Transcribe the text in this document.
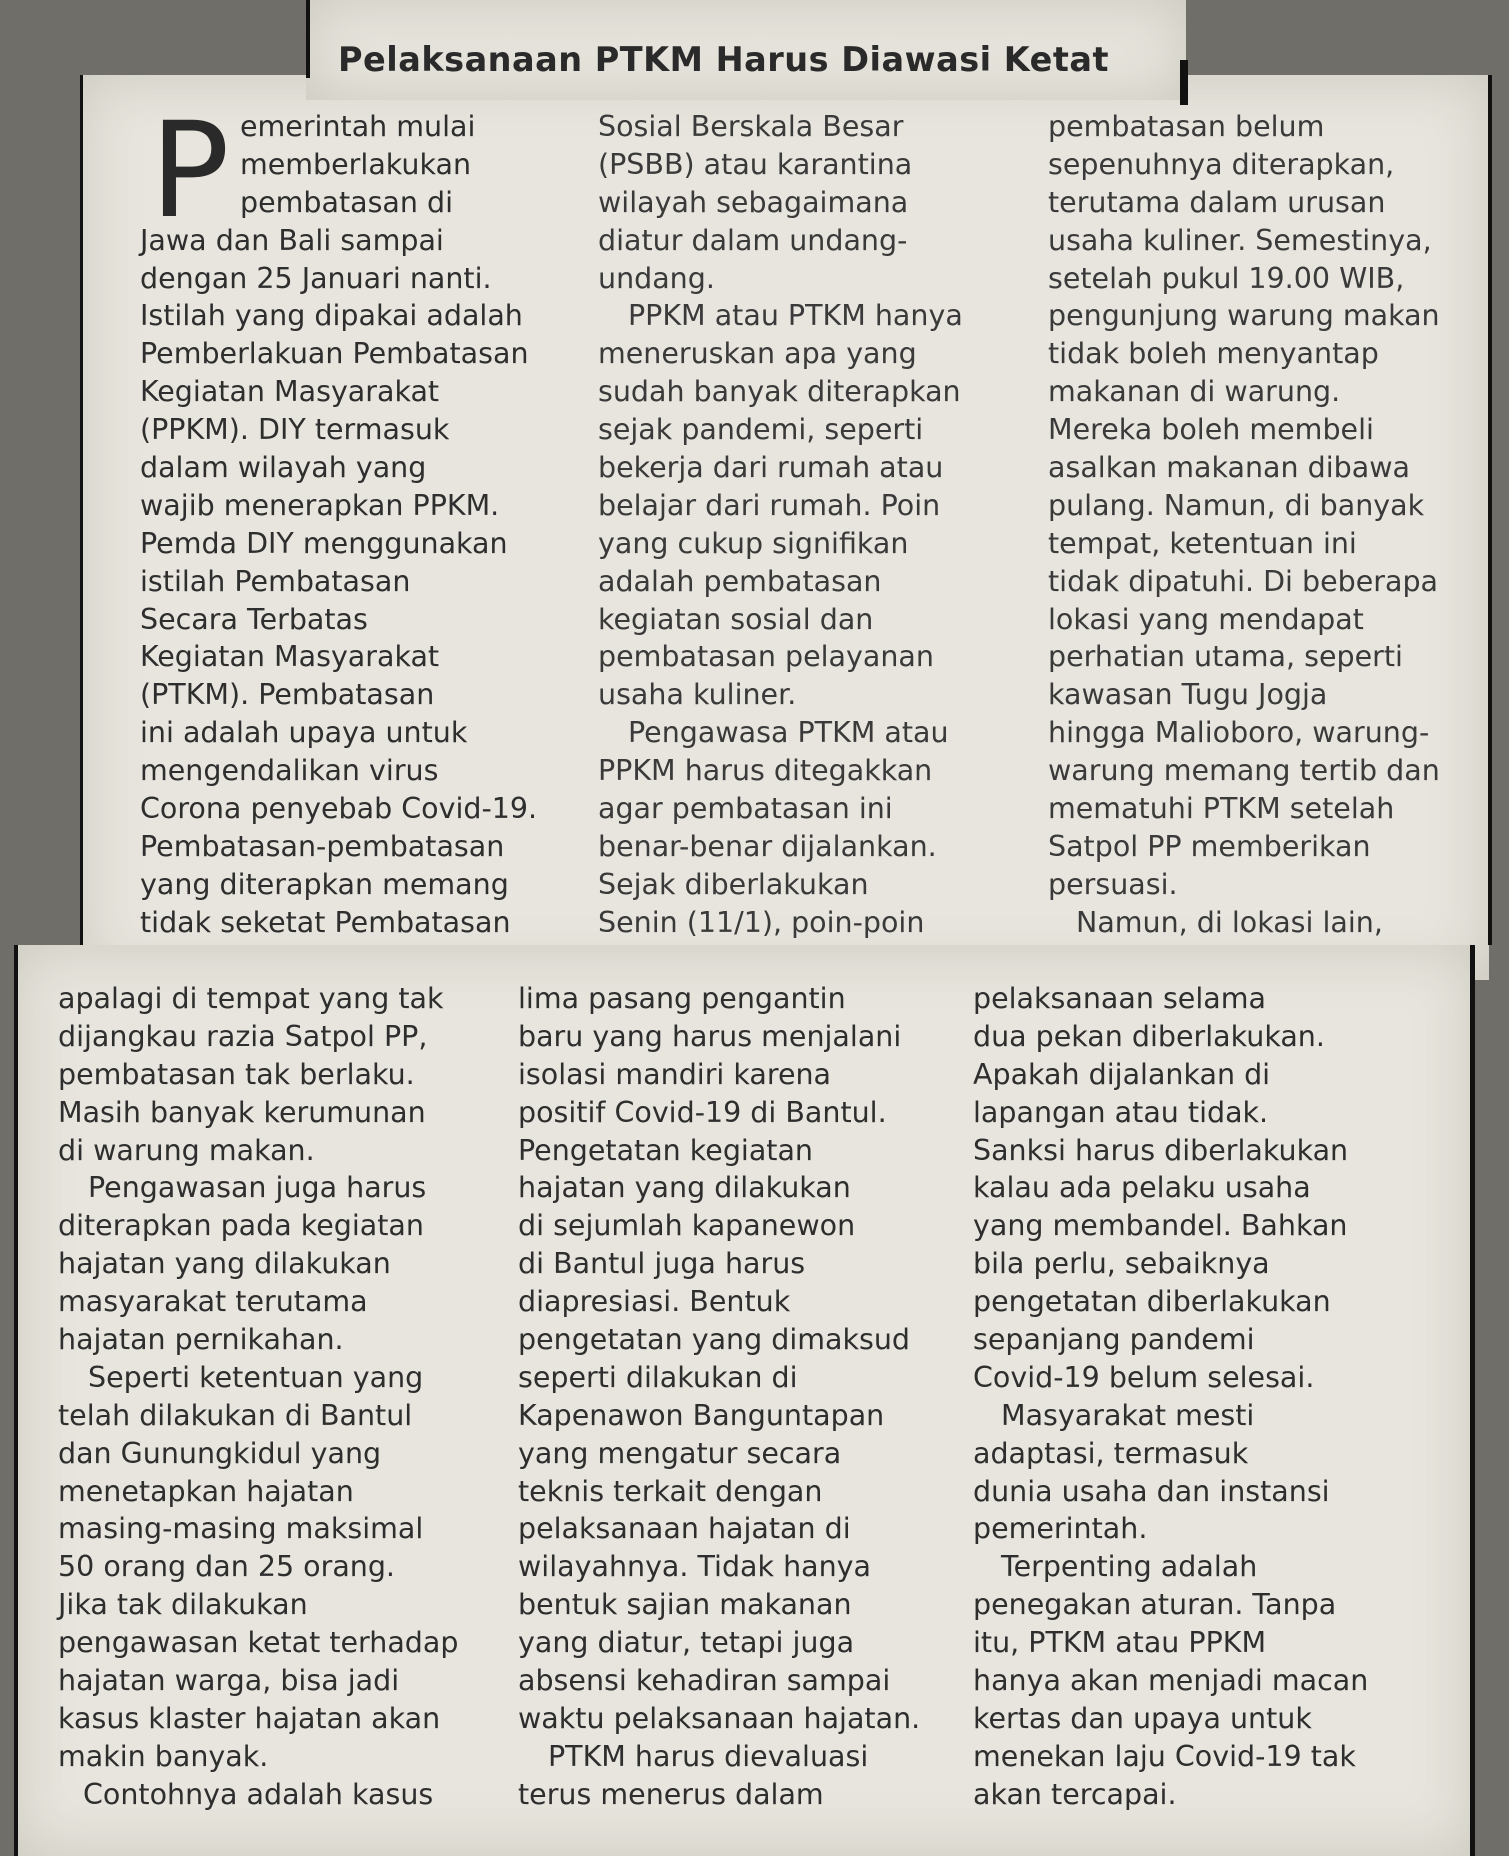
Pelaksanaan PTKM Harus Diawasi Ketat
P emerintah mulai
memberlakukan
pembatasan di
Jawa dan Bali sampai
dengan 25 Januari nanti.
Istilah yang dipakai adalah
Pemberlakuan Pembatasan
Kegiatan Masyarakat
(PPKM). DIY termasuk
dalam wilayah yang
wajib menerapkan PPKM.
Pemda DIY menggunakan
istilah Pembatasan
Secara Terbatas
Kegiatan Masyarakat
(PTKM). Pembatasan
ini adalah upaya untuk
mengendalikan virus
Corona penyebab Covid-19.
Pembatasan-pembatasan
yang diterapkan memang
tidak seketat Pembatasan
Sosial Berskala Besar
(PSBB) atau karantina
wilayah sebagaimana
diatur dalam undang-
undang.
PPKM atau PTKM hanya
meneruskan apa yang
sudah banyak diterapkan
sejak pandemi, seperti
bekerja dari rumah atau
belajar dari rumah. Poin
yang cukup signifikan
adalah pembatasan
kegiatan sosial dan
pembatasan pelayanan
usaha kuliner.
Pengawasa PTKM atau
PPKM harus ditegakkan
agar pembatasan ini
benar-benar dijalankan.
Sejak diberlakukan
Senin (11/1), poin-poin
pembatasan belum
sepenuhnya diterapkan,
terutama dalam urusan
usaha kuliner. Semestinya,
setelah pukul 19.00 WIB,
pengunjung warung makan
tidak boleh menyantap
makanan di warung.
Mereka boleh membeli
asalkan makanan dibawa
pulang. Namun, di banyak
tempat, ketentuan ini
tidak dipatuhi. Di beberapa
lokasi yang mendapat
perhatian utama, seperti
kawasan Tugu Jogja
hingga Malioboro, warung-
warung memang tertib dan
mematuhi PTKM setelah
Satpol PP memberikan
persuasi.
Namun, di lokasi lain,
apalagi di tempat yang tak
dijangkau razia Satpol PP,
pembatasan tak berlaku.
Masih banyak kerumunan
di warung makan.
Pengawasan juga harus
diterapkan pada kegiatan
hajatan yang dilakukan
masyarakat terutama
hajatan pernikahan.
Seperti ketentuan yang
telah dilakukan di Bantul
dan Gunungkidul yang
menetapkan hajatan
masing-masing maksimal
50 orang dan 25 orang.
Jika tak dilakukan
pengawasan ketat terhadap
hajatan warga, bisa jadi
kasus klaster hajatan akan
makin banyak.
Contohnya adalah kasus
lima pasang pengantin
baru yang harus menjalani
isolasi mandiri karena
positif Covid-19 di Bantul.
Pengetatan kegiatan
hajatan yang dilakukan
di sejumlah kapanewon
di Bantul juga harus
diapresiasi. Bentuk
pengetatan yang dimaksud
seperti dilakukan di
Kapenawon Banguntapan
yang mengatur secara
teknis terkait dengan
pelaksanaan hajatan di
wilayahnya. Tidak hanya
bentuk sajian makanan
yang diatur, tetapi juga
absensi kehadiran sampai
waktu pelaksanaan hajatan.
PTKM harus dievaluasi
terus menerus dalam
pelaksanaan selama
dua pekan diberlakukan.
Apakah dijalankan di
lapangan atau tidak.
Sanksi harus diberlakukan
kalau ada pelaku usaha
yang membandel. Bahkan
bila perlu, sebaiknya
pengetatan diberlakukan
sepanjang pandemi
Covid-19 belum selesai.
Masyarakat mesti
adaptasi, termasuk
dunia usaha dan instansi
pemerintah.
Terpenting adalah
penegakan aturan. Tanpa
itu, PTKM atau PPKM
hanya akan menjadi macan
kertas dan upaya untuk
menekan laju Covid-19 tak
akan tercapai.
